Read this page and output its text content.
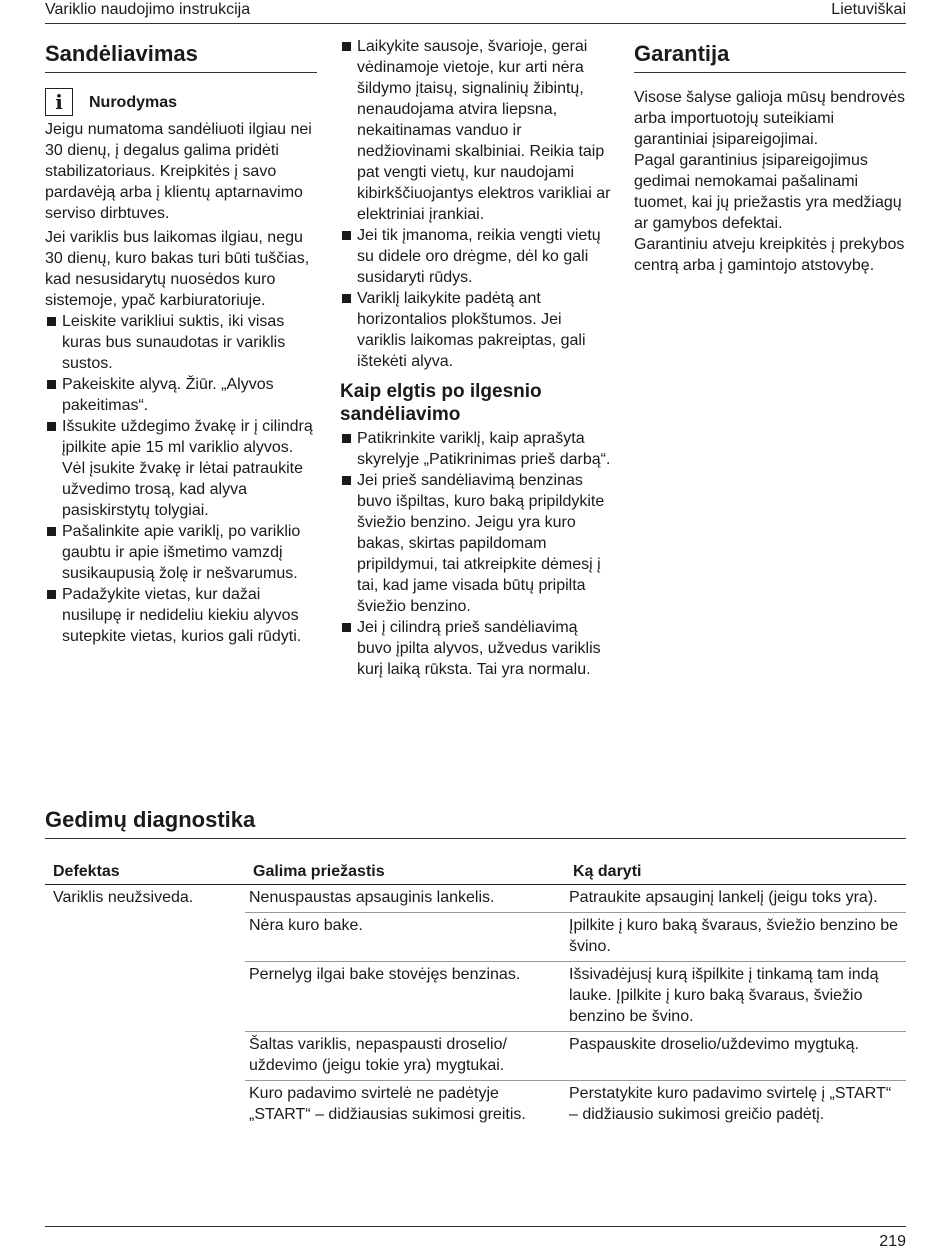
Variklio naudojimo instrukcija	Lietuviškai
Sandėliavimas
i	Nurodymas

Jeigu numatoma sandėliuoti ilgiau nei 30 dienų, į degalus galima pridėti stabilizatoriaus. Kreipkitės į savo pardavėją arba į klientų aptarnavimo serviso dirbtuves.

Jei variklis bus laikomas ilgiau, negu 30 dienų, kuro bakas turi būti tuščias, kad nesusidarytų nuosėdos kuro sistemoje, ypač karbiuratoriuje.

Leiskite varikliui suktis, iki visas kuras bus sunaudotas ir variklis sustos.
Pakeiskite alyvą. Žiūr. „Alyvos pakeitimas“.
Išsukite uždegimo žvakę ir į cilindrą įpilkite apie 15 ml variklio alyvos. Vėl įsukite žvakę ir lėtai patraukite užvedimo trosą, kad alyva pasiskirstytų tolygiai.
Pašalinkite apie variklį, po variklio gaubtu ir apie išmetimo vamzdį susikaupusią žolę ir nešvarumus.
Padažykite vietas, kur dažai nusilupę ir nedideliu kiekiu alyvos sutepkite vietas, kurios gali rūdyti.
Laikykite sausoje, švarioje, gerai vėdinamoje vietoje, kur arti nėra šildymo įtaisų, signalinių žibintų, nenaudojama atvira liepsna, nekaitinamas vanduo ir nedžiovinami skalbiniai. Reikia taip pat vengti vietų, kur naudojami kibirkščiuojantys elektros varikliai ar elektriniai įrankiai.
Jei tik įmanoma, reikia vengti vietų su didele oro drėgme, dėl ko gali susidaryti rūdys.
Variklį laikykite padėtą ant horizontalios plokštumos. Jei variklis laikomas pakreiptas, gali ištekėti alyva.
Kaip elgtis po ilgesnio sandėliavimo
Patikrinkite variklį, kaip aprašyta skyrelyje „Patikrinimas prieš darbą“.
Jei prieš sandėliavimą benzinas buvo išpiltas, kuro baką pripildykite šviežio benzino. Jeigu yra kuro bakas, skirtas papildomam pripildymui, tai atkreipkite dėmesį į tai, kad jame visada būtų pripilta šviežio benzino.
Jei į cilindrą prieš sandėliavimą buvo įpilta alyvos, užvedus variklis kurį laiką rūksta. Tai yra normalu.
Garantija

Visose šalyse galioja mūsų bendrovės arba importuotojų suteikiami garantiniai įsipareigojimai.

Pagal garantinius įsipareigojimus gedimai nemokamai pašalinami tuomet, kai jų priežastis yra medžiagų ar gamybos defektai.

Garantiniu atveju kreipkitės į prekybos centrą arba į gamintojo atstovybę.

Gedimų diagnostika
Defektas	Galima priežastis	Ką daryti
Variklis neužsiveda.	Nenuspaustas apsauginis lankelis.	Patraukite apsauginį lankelį (jeigu toks yra).
	Nėra kuro bake.	Įpilkite į kuro baką švaraus, šviežio benzino be švino.
	Pernelyg ilgai bake stovėjęs benzinas.	Išsivadėjusį kurą išpilkite į tinkamą tam indą lauke. Įpilkite į kuro baką švaraus, šviežio benzino be švino.
	Šaltas variklis, nepaspausti droselio/ uždevimo (jeigu tokie yra) mygtukai.	Paspauskite droselio/uždevimo mygtuką.
	Kuro padavimo svirtelė ne padėtyje „START“ – didžiausias sukimosi greitis.	Perstatykite kuro padavimo svirtelę į „START“ – didžiausio sukimosi greičio padėtį.
219
